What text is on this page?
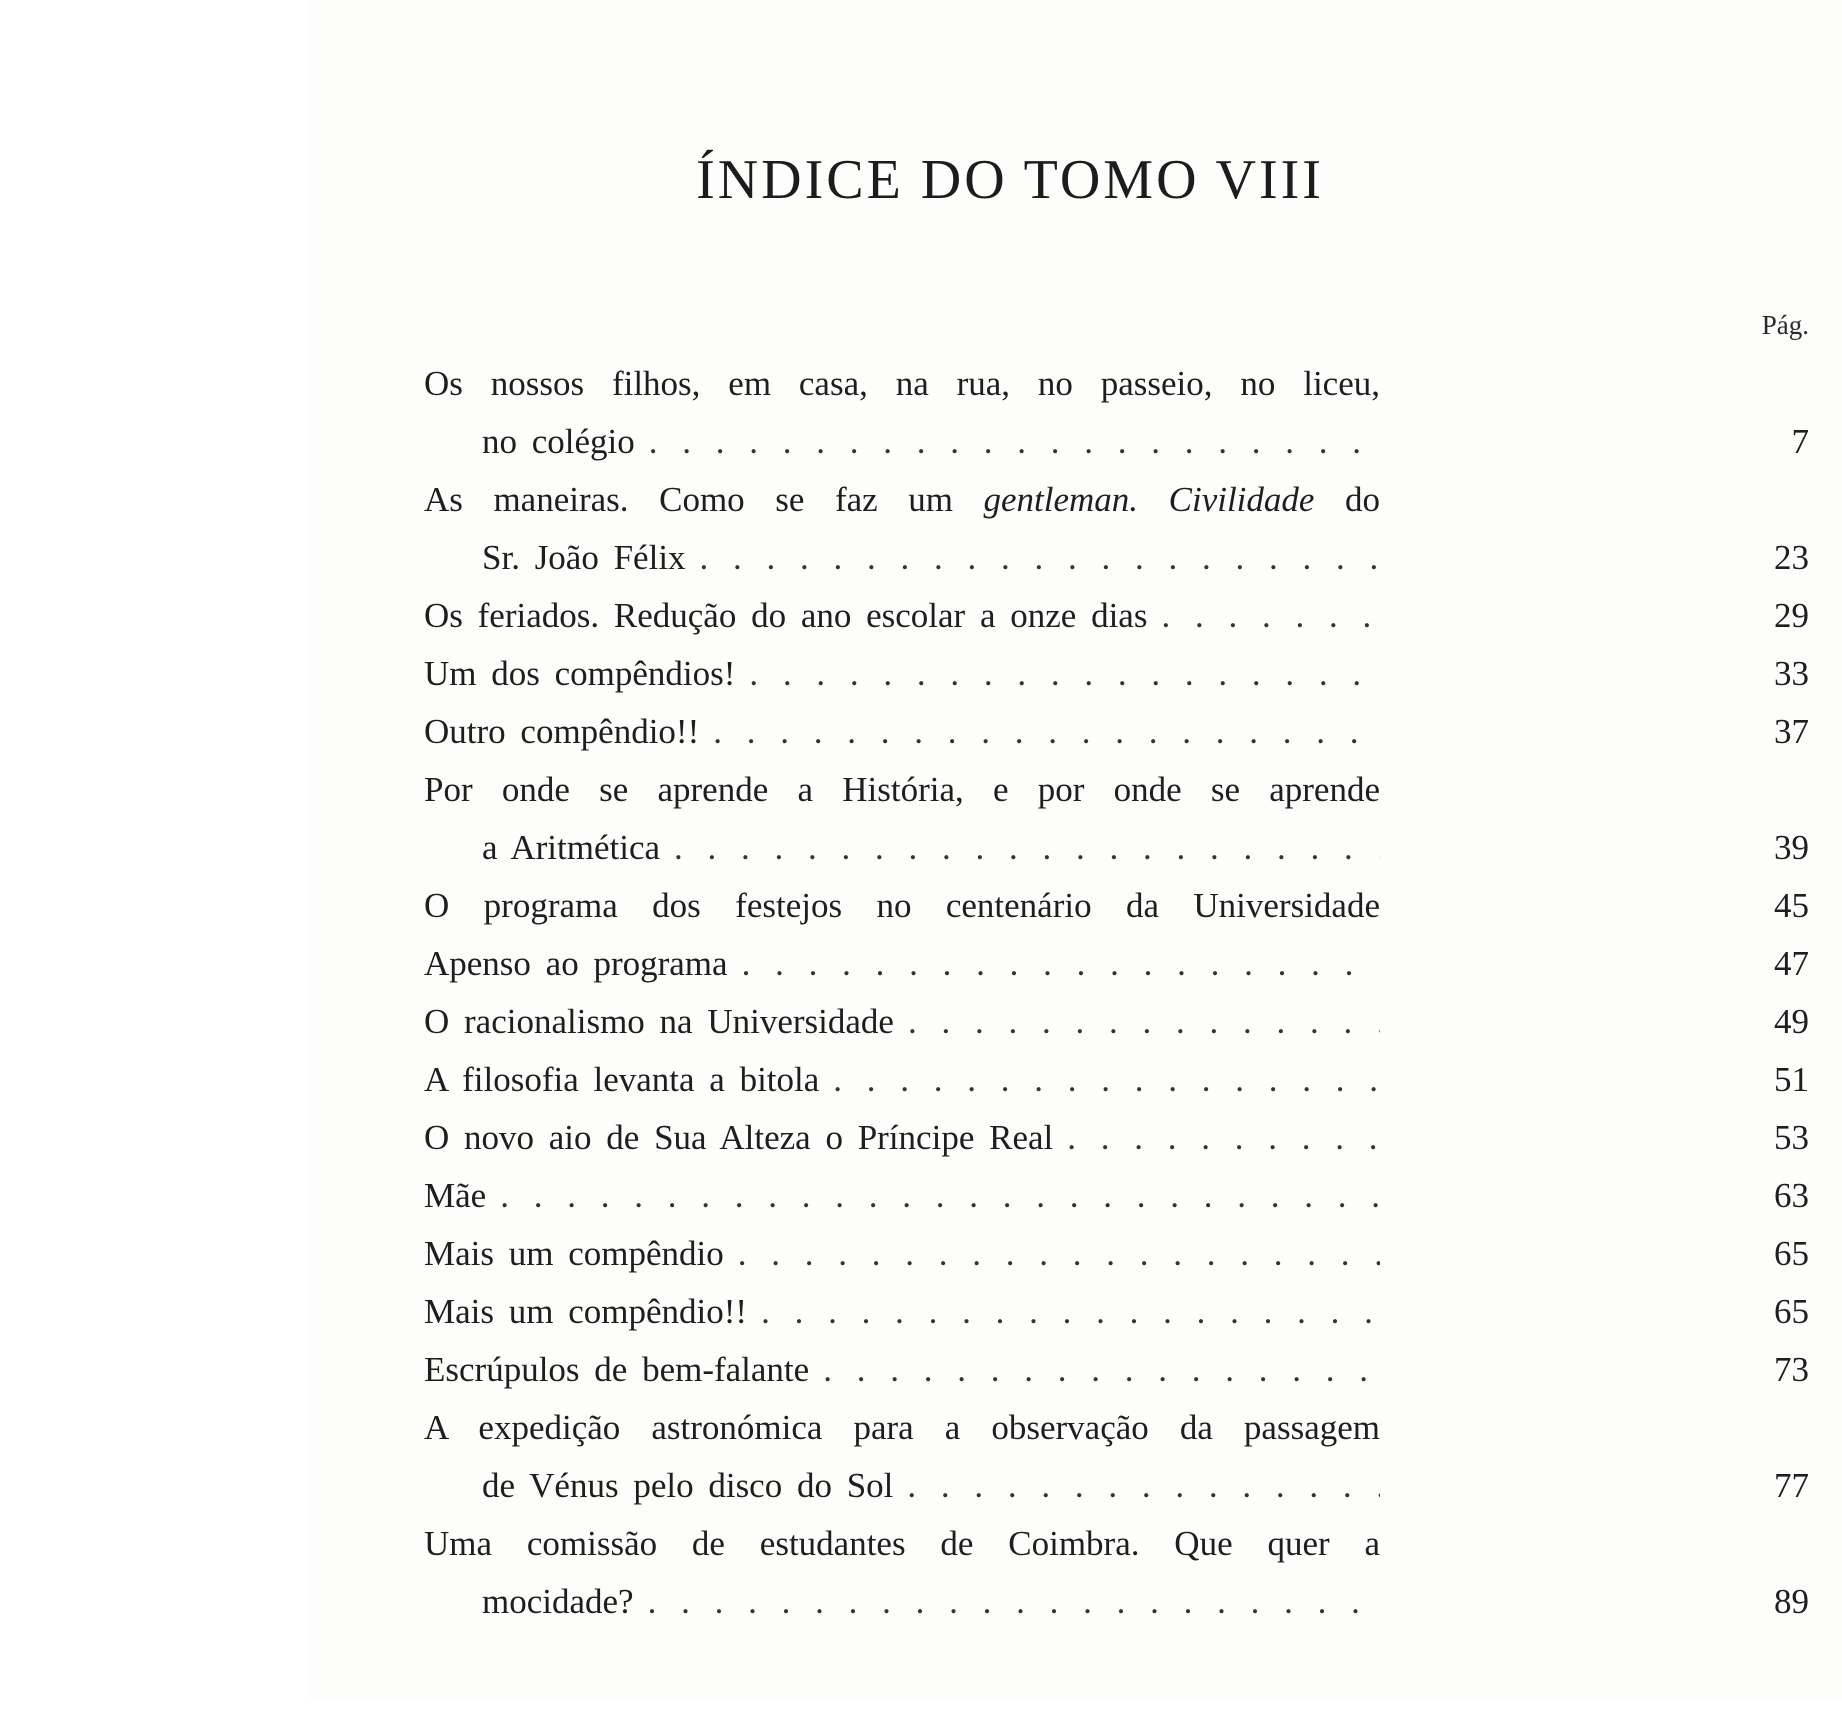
ÍNDICE DO TOMO VIII
Pág.
Os nossos filhos, em casa, na rua, no passeio, no liceu,
no colégio . . .	7
As maneiras. Como se faz um gentleman. Civilidade do
Sr. João Félix . . .	23
Os feriados. Redução do ano escolar a onze dias . . .	29
Um dos compêndios! . . .	33
Outro compêndio!! . . .	37
Por onde se aprende a História, e por onde se aprende
a Aritmética . . .	39
O programa dos festejos no centenário da Universidade	45
Apenso ao programa . . .	47
O racionalismo na Universidade . . .	49
A filosofia levanta a bitola . . .	51
O novo aio de Sua Alteza o Príncipe Real . . .	53
Mãe . . .	63
Mais um compêndio . . .	65
Mais um compêndio!! . . .	65
Escrúpulos de bem-falante . . .	73
A expedição astronómica para a observação da passagem
de Vénus pelo disco do Sol . . .	77
Uma comissão de estudantes de Coimbra. Que quer a
mocidade? . . .	89
